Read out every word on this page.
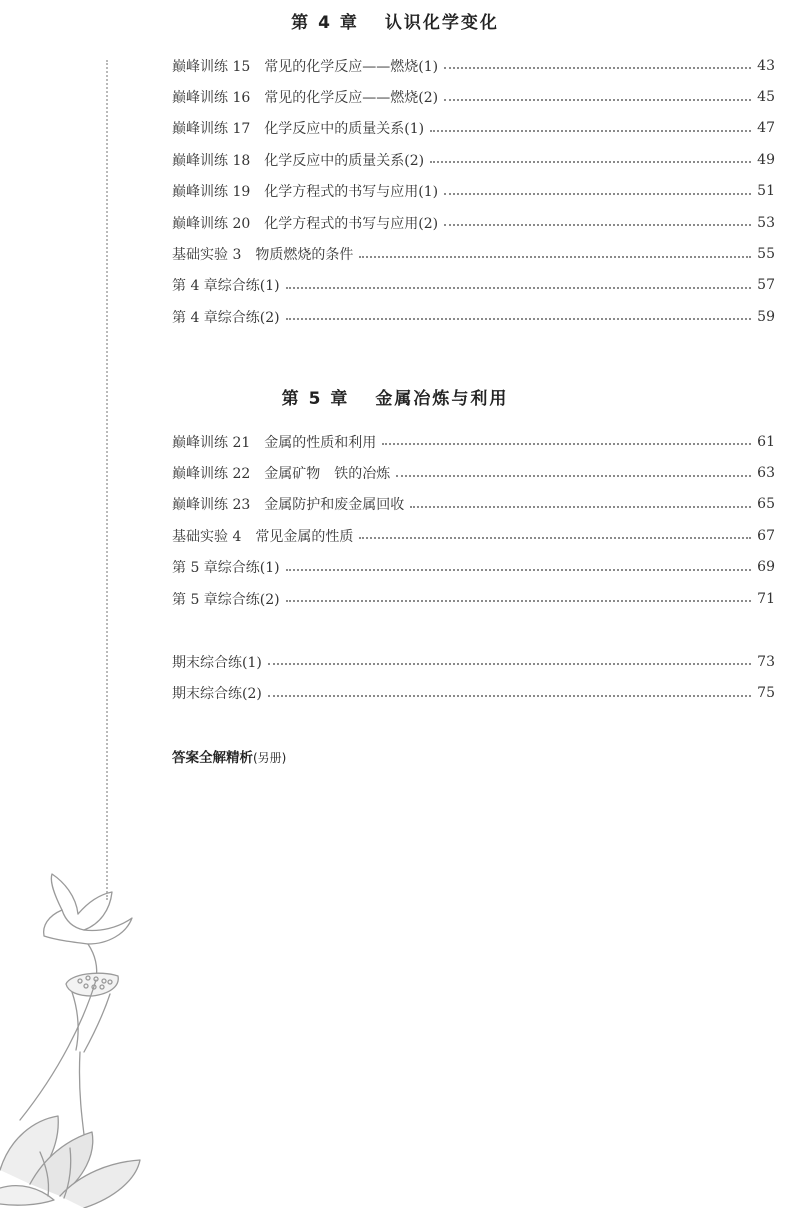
第 4 章 认识化学变化
巅峰训练 15　常见的化学反应——燃烧(1)	43
巅峰训练 16　常见的化学反应——燃烧(2)	45
巅峰训练 17　化学反应中的质量关系(1)	47
巅峰训练 18　化学反应中的质量关系(2)	49
巅峰训练 19　化学方程式的书写与应用(1)	51
巅峰训练 20　化学方程式的书写与应用(2)	53
基础实验 3　物质燃烧的条件	55
第 4 章综合练(1)	57
第 4 章综合练(2)	59
第 5 章 金属冶炼与利用
巅峰训练 21　金属的性质和利用	61
巅峰训练 22　金属矿物　铁的冶炼	63
巅峰训练 23　金属防护和废金属回收	65
基础实验 4　常见金属的性质	67
第 5 章综合练(1)	69
第 5 章综合练(2)	71
期末综合练(1)	73
期末综合练(2)	75
答案全解精析(另册)
